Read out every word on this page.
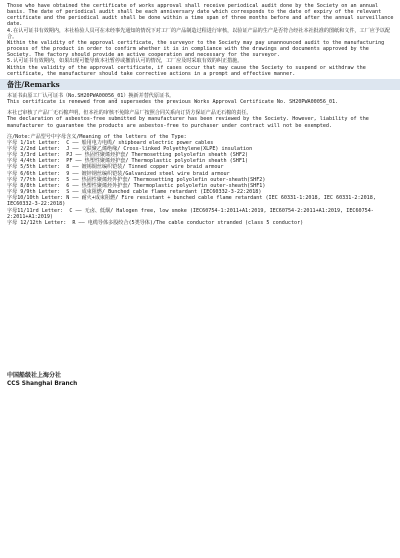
Those who have obtained the certificate of works approval shall receive periodical audit done by the Society on an annual basis. The date of periodical audit shall be each anniversary date which corresponds to the date of expiry of the relevant certificate and the periodical audit shall be done within a time span of three months before and after the annual surveillance date.

4.在认可证书有效期内，本社检验人员可在未经事先通知的情况下对工厂的产品制造过程进行审核，以验证产品的生产是否符合经社本社批准的图纸和文件，工厂应予以配合。

Within the validity of the approval certificate, the surveyor to the Society may pay unannounced audit to the manufacturing process of the product in order to confirm whether it is in compliance with the drawings and documents approved by the Society. The factory should provide an active cooperation and necessary for the surveyor.

5.认可证书有效期内，如果出现可能导致本社暂停或撤消认可的情况，工厂应及时采取有效的纠正措施。

Within the validity of the approval certificate, if cases occur that may cause the Society to suspend or withdraw the certificate, the manufacturer should take corrective actions in a prompt and effective manner.

备注/Remarks

本证书由原工厂认可证书（No.SH20PWA00056_01）换新并替代原证书。

This certificate is renewed from and supersedes the previous Works Approval Certificate No. SH20PWA00056_01.

本社已审核了产品厂无石棉声明，但本社的审核不免除产品厂按照合同关系向订货方保证产品无石棉的责任。

The declaration of asbestos-free submitted by manufacturer has been reviewed by the Society. However, liability of the manufacturer to guarantee the products are asbestos-free to purchaser under contract will not be exempted.

注/Note:产品型号中字母含义/Meaning of the letters of the Type:

字母 1/1st Letter:  C —— 船用电力电缆/ shipboard electric power cables

字母 2/2nd Letter:  J —— 交联聚乙烯绝缘/ Cross-linked Polyethylene(XLPE) insulation

字母 3/3rd Letter:  PJ —— 热固性聚烯烃护套/ Thermosetting polyolefin sheath (SHF2)

字母 4/4th Letter:  PF —— 热塑性聚烯烃护套/ Thermoplastic polyolefin sheath (SHF1)

字母 5/5th Letter:  8 —— 镀锡铜丝编织铠装/ Tinned copper wire braid armour

字母 6/6th Letter:  9 —— 镀锌钢丝编织铠装/Galvanized steel wire braid armour

字母 7/7th Letter:  5 —— 热固性聚烯烃外护套/ Thermosetting polyolefin outer-sheath(SHF2)

字母 8/8th Letter:  6 —— 热塑性聚烯烃外护套/ Thermoplastic polyolefin outer-sheath(SHF1)

字母 9/9th Letter:  S —— 成束阻燃/ Bunched cable flame retardant (IEC60332-3-22:2018)

字母10/10th Letter: N —— 耐火+成束阻燃/ Fire resistant + bunched cable flame retardant (IEC 60331-1:2018, IEC 60331-2:2018, IEC60332-3-22:2018)

字母11/11rd Letter:  C —— 无卤、低烟/ Halogen free, low smoke (IEC60754-1:2011+A1:2019, IEC60754-2:2011+A1:2019, IEC60754-2:2011+A1:2019)

字母 12/12th Letter:  R —— 电缆导体多股绞合(5类导体)/The cable conductor stranded (class 5 conductor)

中国船级社上海分社

CCS Shanghai Branch
